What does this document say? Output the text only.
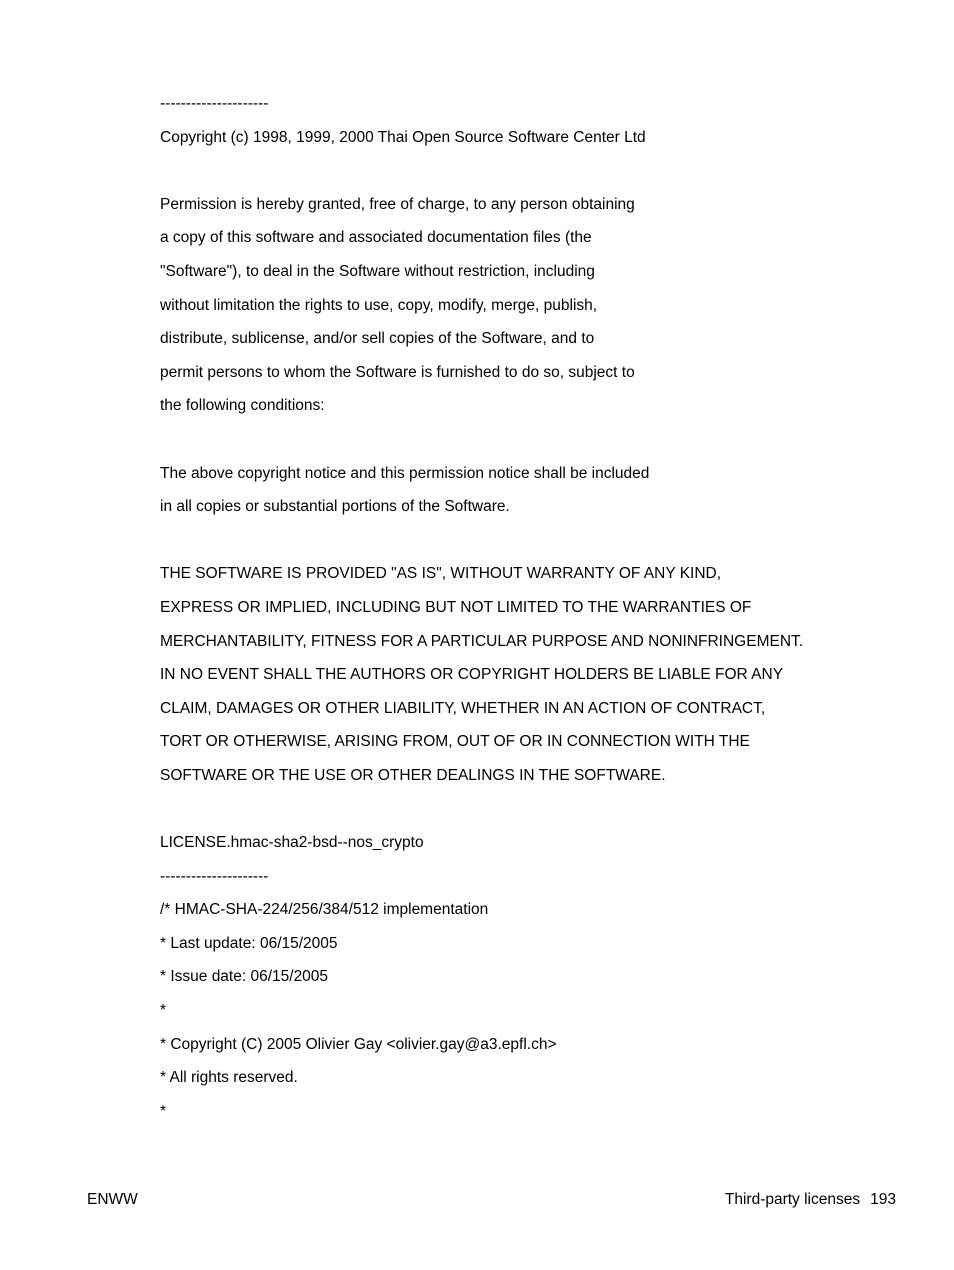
---------------------
Copyright (c) 1998, 1999, 2000 Thai Open Source Software Center Ltd
Permission is hereby granted, free of charge, to any person obtaining
a copy of this software and associated documentation files (the
"Software"), to deal in the Software without restriction, including
without limitation the rights to use, copy, modify, merge, publish,
distribute, sublicense, and/or sell copies of the Software, and to
permit persons to whom the Software is furnished to do so, subject to
the following conditions:
The above copyright notice and this permission notice shall be included
in all copies or substantial portions of the Software.
THE SOFTWARE IS PROVIDED "AS IS", WITHOUT WARRANTY OF ANY KIND,
EXPRESS OR IMPLIED, INCLUDING BUT NOT LIMITED TO THE WARRANTIES OF
MERCHANTABILITY, FITNESS FOR A PARTICULAR PURPOSE AND NONINFRINGEMENT.
IN NO EVENT SHALL THE AUTHORS OR COPYRIGHT HOLDERS BE LIABLE FOR ANY
CLAIM, DAMAGES OR OTHER LIABILITY, WHETHER IN AN ACTION OF CONTRACT,
TORT OR OTHERWISE, ARISING FROM, OUT OF OR IN CONNECTION WITH THE
SOFTWARE OR THE USE OR OTHER DEALINGS IN THE SOFTWARE.
LICENSE.hmac-sha2-bsd--nos_crypto
---------------------
/* HMAC-SHA-224/256/384/512 implementation
* Last update: 06/15/2005
* Issue date: 06/15/2005
*
* Copyright (C) 2005 Olivier Gay <olivier.gay@a3.epfl.ch>
* All rights reserved.
*
ENWW	Third-party licenses 193
